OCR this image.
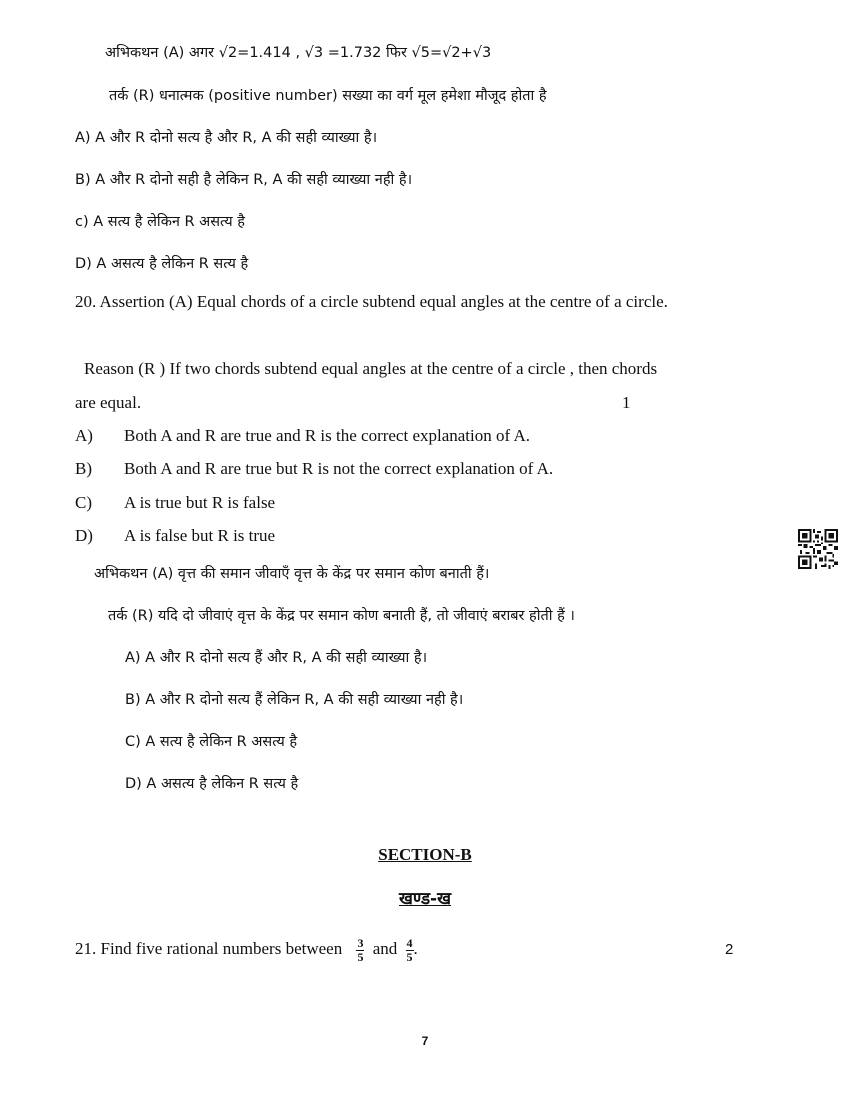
अभिकथन (A) अगर √2=1.414 , √3 =1.732 फिर √5=√2+√3
तर्क (R) धनात्मक (positive number) सख्या का वर्ग मूल हमेशा मौजूद होता है
A) A और R दोनो सत्य है और R, A की सही व्याख्या है।
B) A और R दोनो सही है लेकिन R, A की सही व्याख्या नही है।
c) A सत्य है लेकिन R असत्य है
D) A असत्य है लेकिन R सत्य है
20. Assertion (A) Equal chords of a circle subtend equal angles at the centre of a circle.
Reason (R ) If two chords subtend equal angles at the centre of a circle , then chords
are equal.	1
A) Both A and R are true and R is the correct explanation of A.
B) Both A and R are true but R is not the correct explanation of A.
C) A is true but R is false
D) A is false but R is true
अभिकथन (A) वृत्त की समान जीवाएँ वृत्त के केंद्र पर समान कोण बनाती हैं।
तर्क (R) यदि दो जीवाएं वृत्त के केंद्र पर समान कोण बनाती हैं, तो जीवाएं बराबर होती हैं ।
A) A और R दोनो सत्य हैं और R, A की सही व्याख्या है।
B) A और R दोनो सत्य हैं लेकिन R, A की सही व्याख्या नही है।
C) A सत्य है लेकिन R असत्य है
D) A असत्य है लेकिन R सत्य है
SECTION-B
खण्ड-ख
21. Find five rational numbers between $\frac{3}{5}$ and $\frac{4}{5}$ .	2
7
